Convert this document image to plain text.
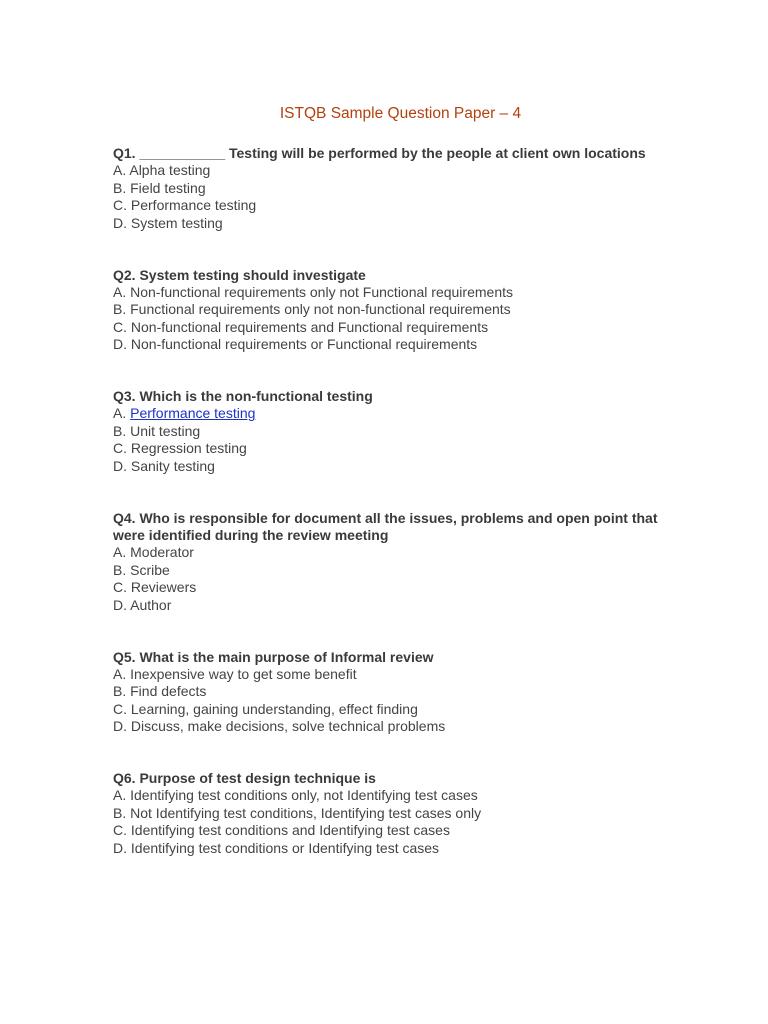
ISTQB Sample Question Paper – 4

Q1. ___________ Testing will be performed by the people at client own locations

A. Alpha testing

B. Field testing

C. Performance testing

D. System testing

Q2. System testing should investigate

A. Non-functional requirements only not Functional requirements

B. Functional requirements only not non-functional requirements

C. Non-functional requirements and Functional requirements

D. Non-functional requirements or Functional requirements

Q3. Which is the non-functional testing

A. Performance testing

B. Unit testing

C. Regression testing

D. Sanity testing

Q4. Who is responsible for document all the issues, problems and open point that were identified during the review meeting

A. Moderator

B. Scribe

C. Reviewers

D. Author

Q5. What is the main purpose of Informal review

A. Inexpensive way to get some benefit

B. Find defects

C. Learning, gaining understanding, effect finding

D. Discuss, make decisions, solve technical problems

Q6. Purpose of test design technique is

A. Identifying test conditions only, not Identifying test cases

B. Not Identifying test conditions, Identifying test cases only

C. Identifying test conditions and Identifying test cases

D. Identifying test conditions or Identifying test cases
